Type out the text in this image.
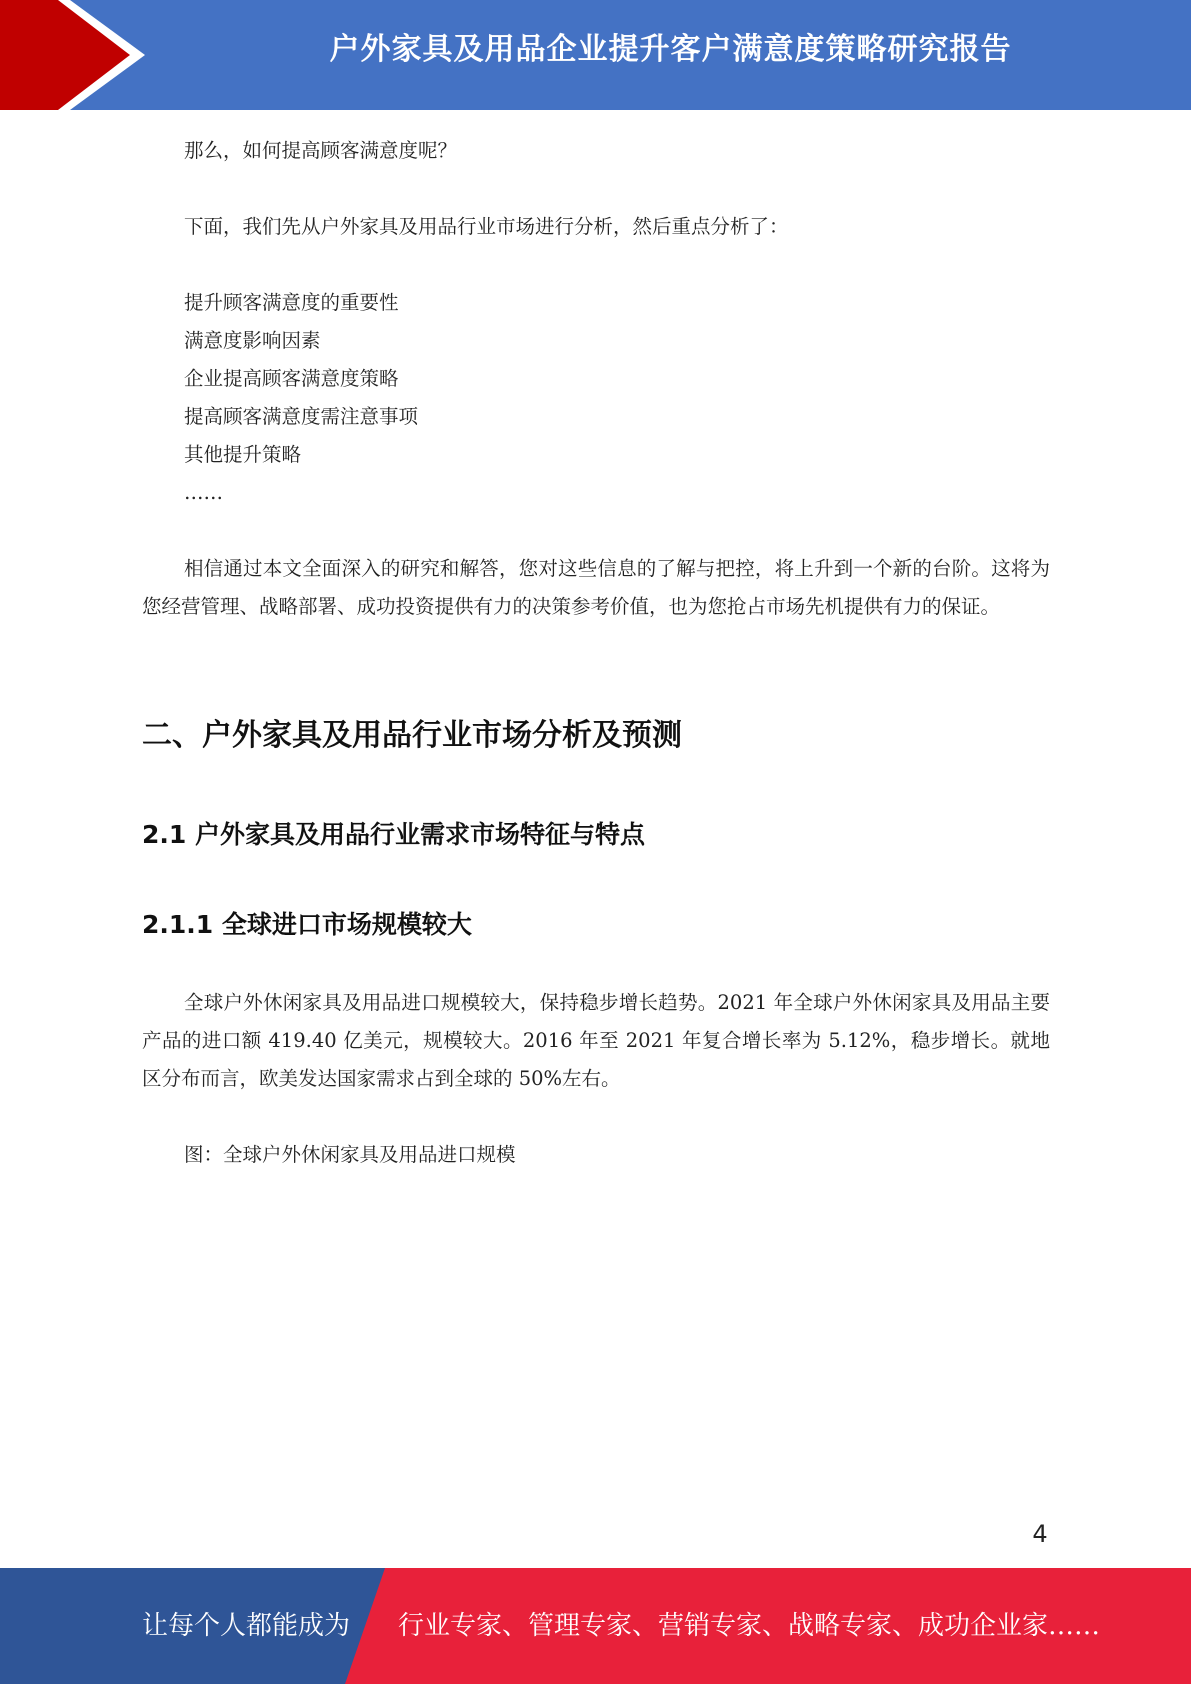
户外家具及用品企业提升客户满意度策略研究报告

那么，如何提高顾客满意度呢？

下面，我们先从户外家具及用品行业市场进行分析，然后重点分析了：

提升顾客满意度的重要性
满意度影响因素
企业提高顾客满意度策略
提高顾客满意度需注意事项
其他提升策略
……

相信通过本文全面深入的研究和解答，您对这些信息的了解与把控，将上升到一个新的台阶。这将为您经营管理、战略部署、成功投资提供有力的决策参考价值，也为您抢占市场先机提供有力的保证。

二、户外家具及用品行业市场分析及预测
2.1 户外家具及用品行业需求市场特征与特点
2.1.1 全球进口市场规模较大

全球户外休闲家具及用品进口规模较大，保持稳步增长趋势。2021 年全球户外休闲家具及用品主要产品的进口额 419.40 亿美元，规模较大。2016 年至 2021 年复合增长率为 5.12%，稳步增长。就地区分布而言，欧美发达国家需求占到全球的 50%左右。

图：全球户外休闲家具及用品进口规模

4
让每个人都能成为 行业专家、管理专家、营销专家、战略专家、成功企业家……
